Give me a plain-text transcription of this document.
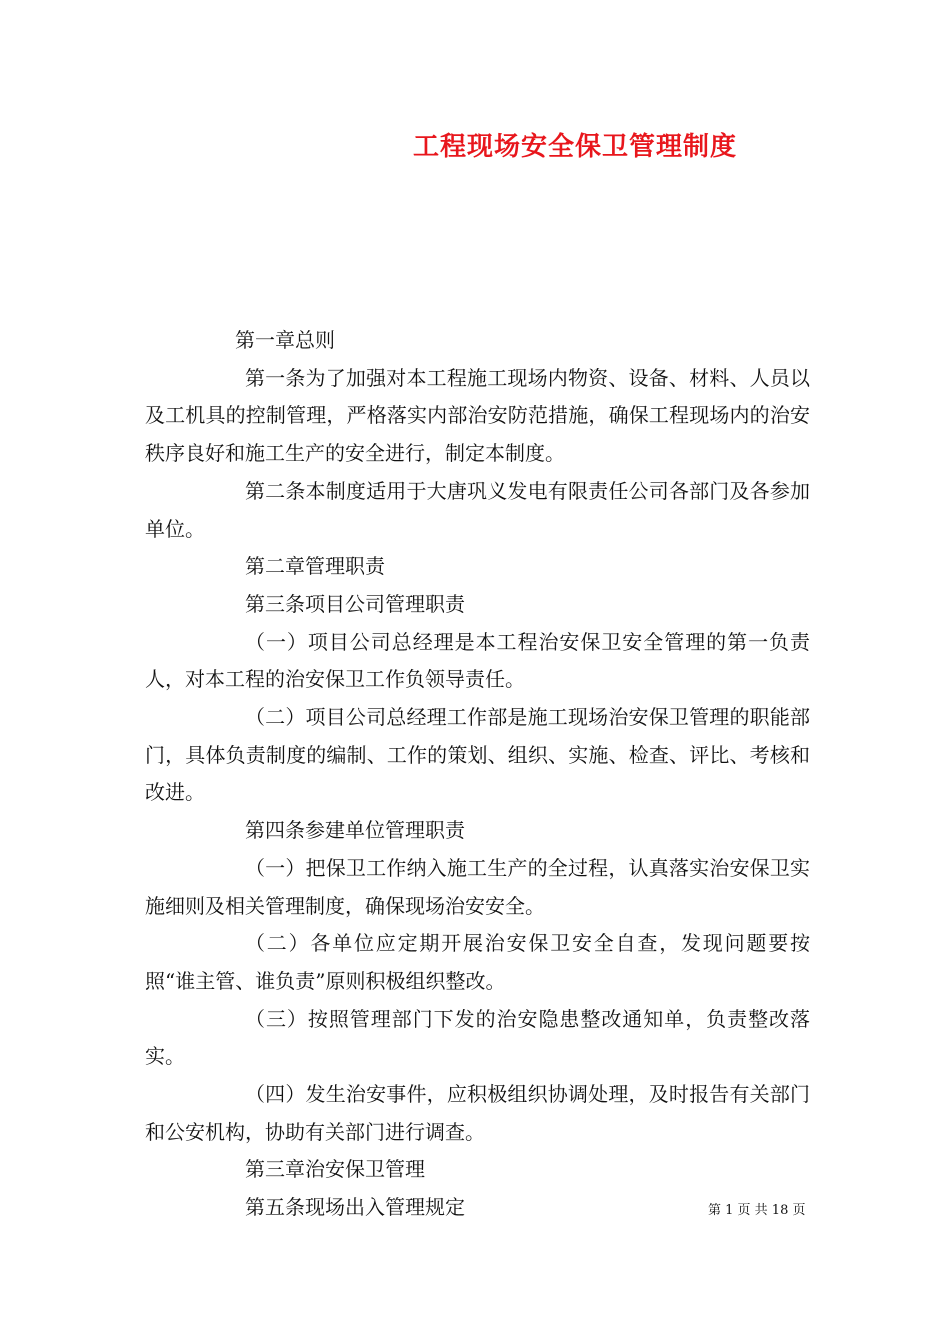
工程现场安全保卫管理制度

第一章总则

第一条为了加强对本工程施工现场内物资、设备、材料、人员以及工机具的控制管理，严格落实内部治安防范措施，确保工程现场内的治安秩序良好和施工生产的安全进行，制定本制度。

第二条本制度适用于大唐巩义发电有限责任公司各部门及各参加单位。

第二章管理职责

第三条项目公司管理职责

（一）项目公司总经理是本工程治安保卫安全管理的第一负责人，对本工程的治安保卫工作负领导责任。

（二）项目公司总经理工作部是施工现场治安保卫管理的职能部门，具体负责制度的编制、工作的策划、组织、实施、检查、评比、考核和改进。

第四条参建单位管理职责

（一）把保卫工作纳入施工生产的全过程，认真落实治安保卫实施细则及相关管理制度，确保现场治安安全。

（二）各单位应定期开展治安保卫安全自查，发现问题要按照“谁主管、谁负责”原则积极组织整改。

（三）按照管理部门下发的治安隐患整改通知单，负责整改落实。

（四）发生治安事件，应积极组织协调处理，及时报告有关部门和公安机构，协助有关部门进行调查。

第三章治安保卫管理

第五条现场出入管理规定	第 1 页 共 18 页
